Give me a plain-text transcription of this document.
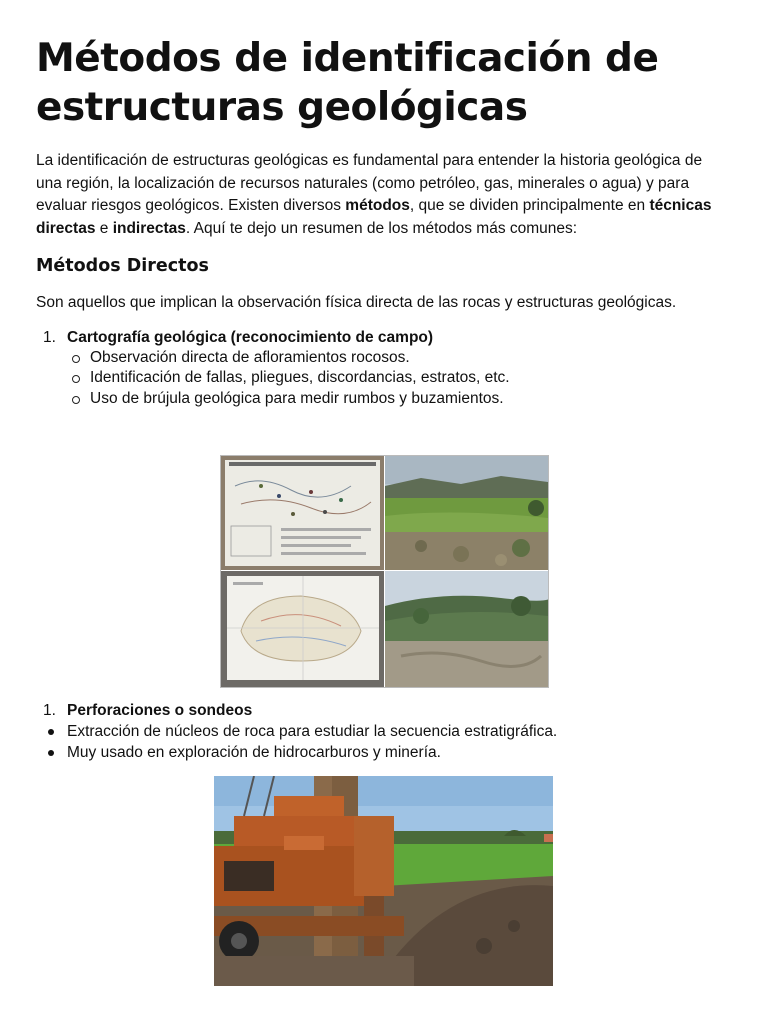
Métodos de identificación de estructuras geológicas

La identificación de estructuras geológicas es fundamental para entender la historia geológica de una región, la localización de recursos naturales (como petróleo, gas, minerales o agua) y para evaluar riesgos geológicos. Existen diversos métodos, que se dividen principalmente en técnicas directas e indirectas. Aquí te dejo un resumen de los métodos más comunes:

Métodos Directos

Son aquellos que implican la observación física directa de las rocas y estructuras geológicas.

1. Cartografía geológica (reconocimiento de campo)
Observación directa de afloramientos rocosos.
Identificación de fallas, pliegues, discordancias, estratos, etc.
Uso de brújula geológica para medir rumbos y buzamientos.
1. Perforaciones o sondeos
Extracción de núcleos de roca para estudiar la secuencia estratigráfica.
Muy usado en exploración de hidrocarburos y minería.
